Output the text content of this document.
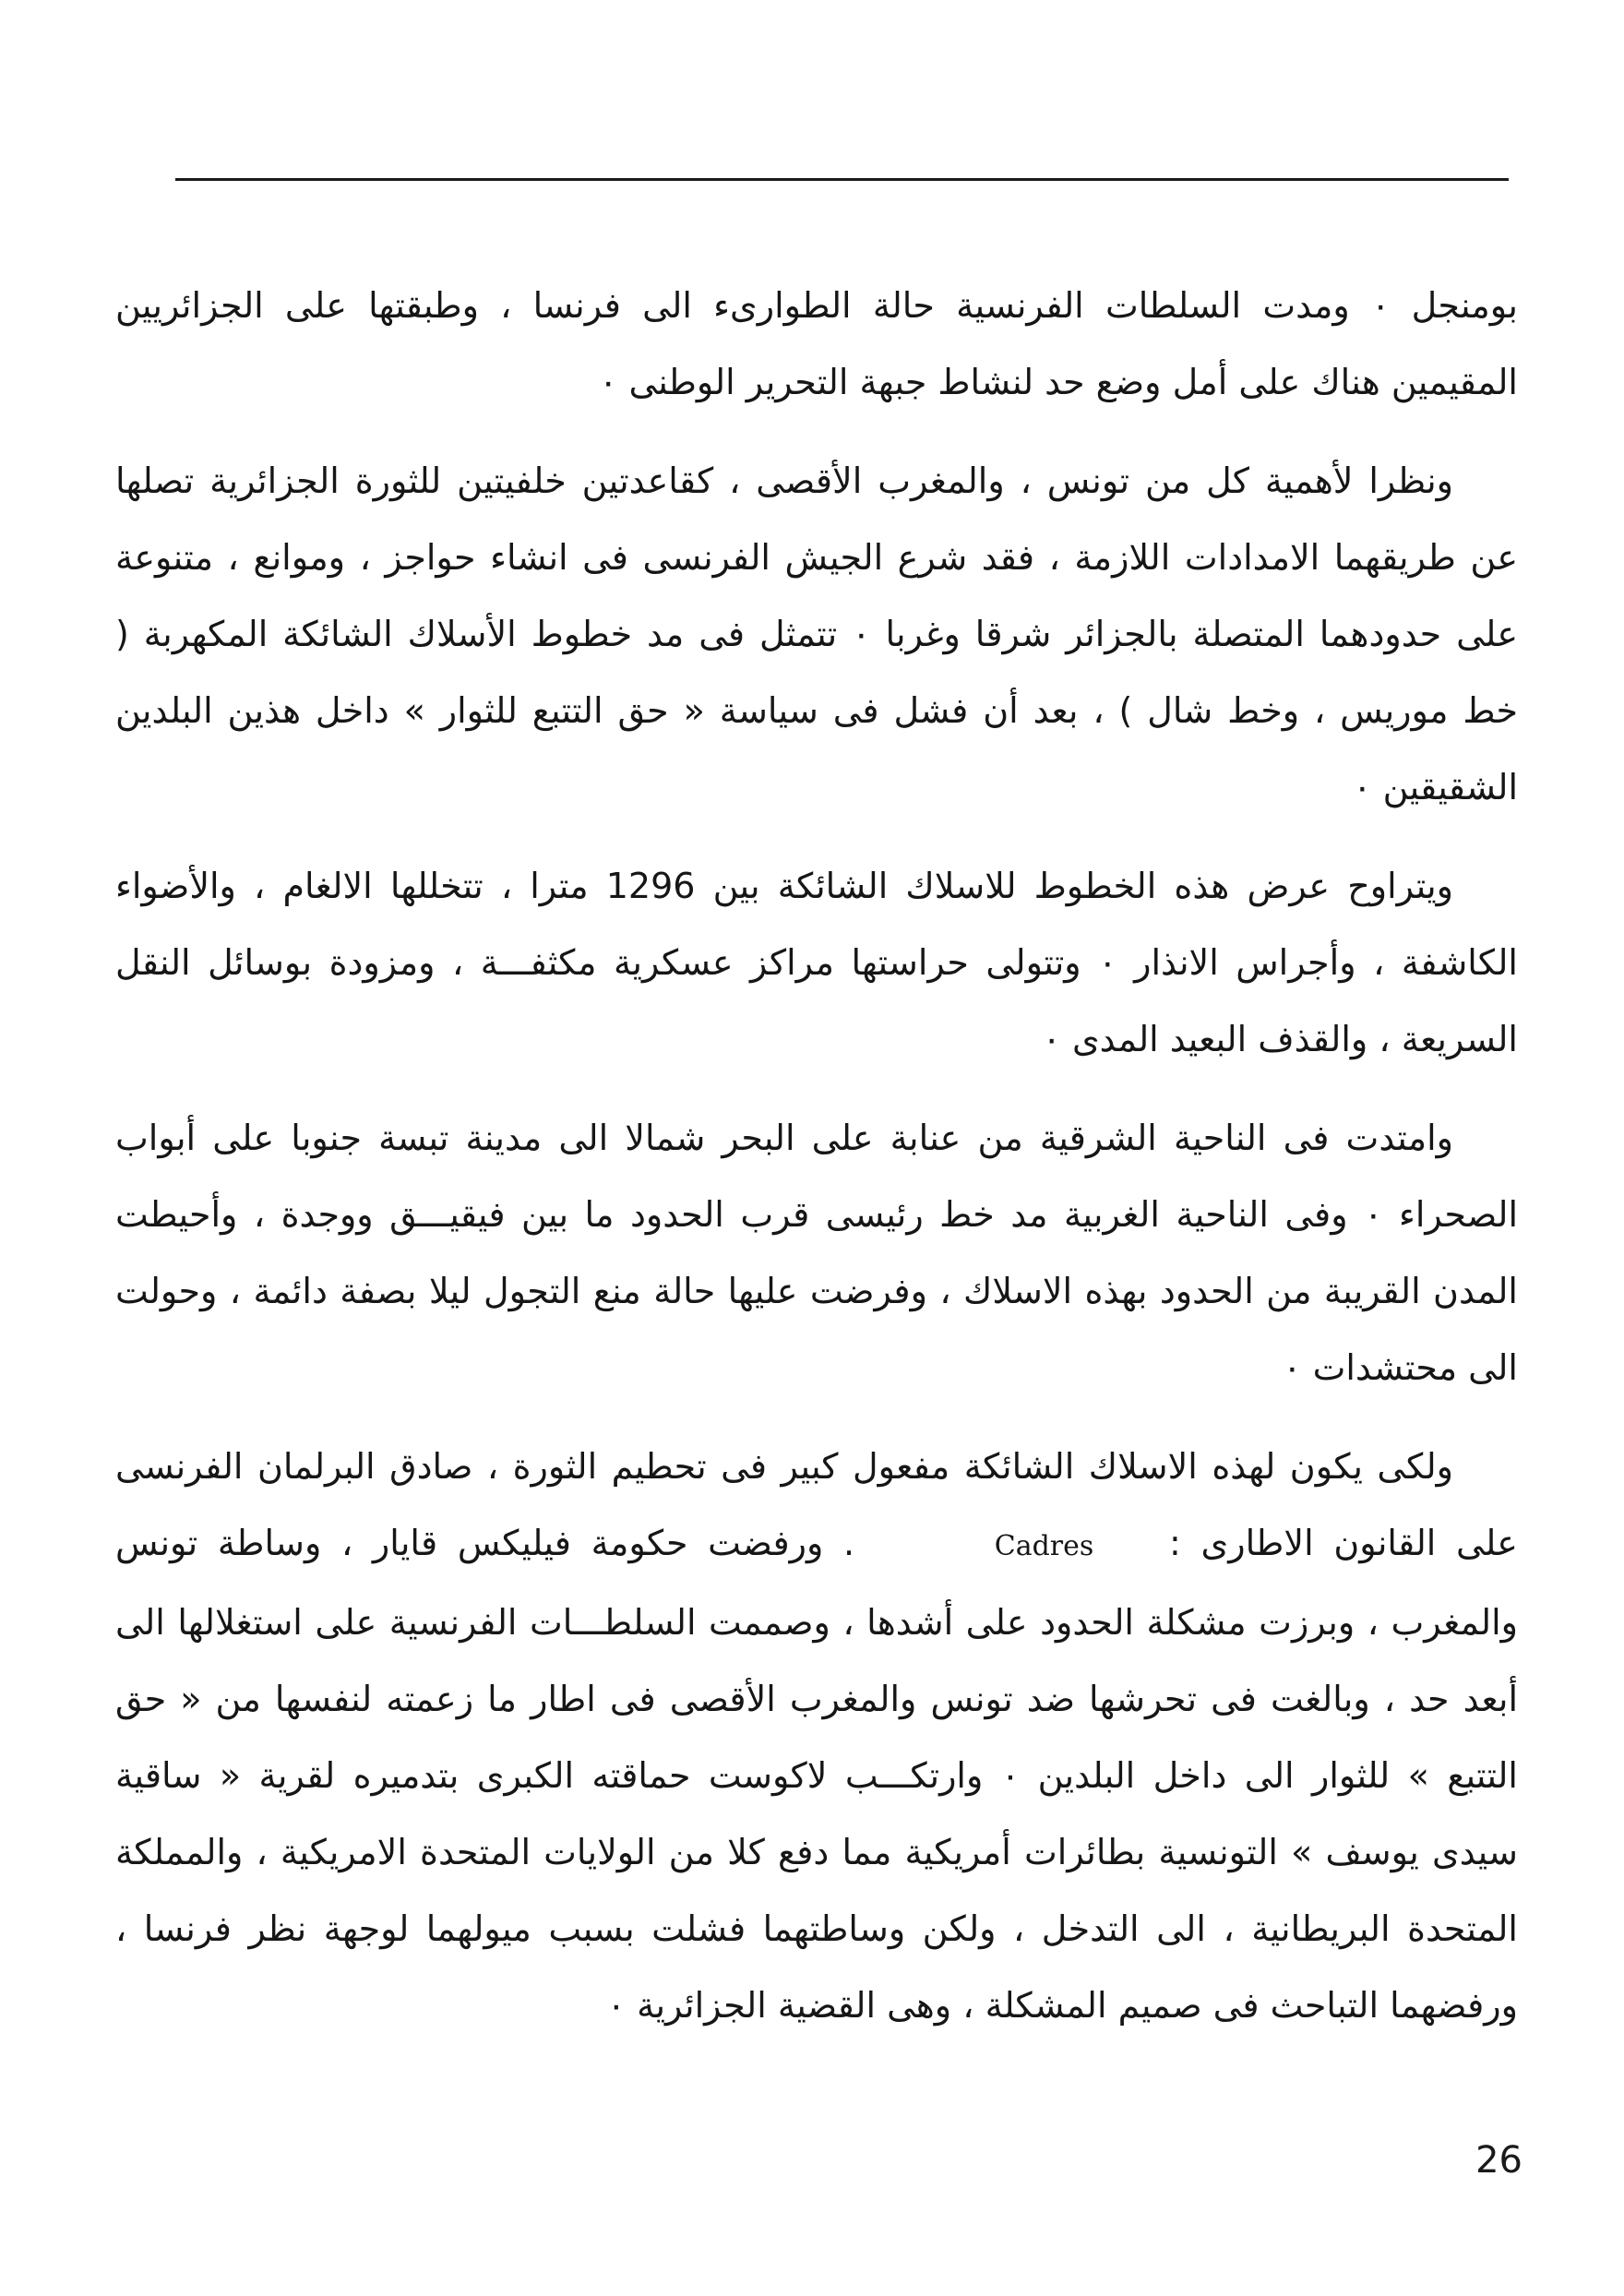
بومنجل ٠ ومدت السلطات الفرنسية حالة الطوارىء الى فرنسا ، وطبقتها على الجزائريين المقيمين هناك على أمل وضع حد لنشاط جبهة التحرير الوطنى ٠

ونظرا لأهمية كل من تونس ، والمغرب الأقصى ، كقاعدتين خلفيتين للثورة الجزائرية تصلها عن طريقهما الامدادات اللازمة ، فقد شرع الجيش الفرنسى فى انشاء حواجز ، وموانع ، متنوعة على حدودهما المتصلة بالجزائر شرقا وغربا ٠ تتمثل فى مد خطوط الأسلاك الشائكة المكهربة ( خط موريس ، وخط شال ) ، بعد أن فشل فى سياسة « حق التتبع للثوار » داخل هذين البلدين الشقيقين ٠

ويتراوح عرض هذه الخطوط للاسلاك الشائكة بين 1296 مترا ، تتخللها الالغام ، والأضواء الكاشفة ، وأجراس الانذار ٠ وتتولى حراستها مراكز عسكرية مكثفـــة ، ومزودة بوسائل النقل السريعة ، والقذف البعيد المدى ٠

وامتدت فى الناحية الشرقية من عنابة على البحر شمالا الى مدينة تبسة جنوبا على أبواب الصحراء ٠ وفى الناحية الغربية مد خط رئيسى قرب الحدود ما بين فيقيـــق ووجدة ، وأحيطت المدن القريبة من الحدود بهذه الاسلاك ، وفرضت عليها حالة منع التجول ليلا بصفة دائمة ، وحولت الى محتشدات ٠

ولكى يكون لهذه الاسلاك الشائكة مفعول كبير فى تحطيم الثورة ، صادق البرلمان الفرنسى على القانون الاطارى : Cadres . ورفضت حكومة فيليكس قايار ، وساطة تونس والمغرب ، وبرزت مشكلة الحدود على أشدها ، وصممت السلطـــات الفرنسية على استغلالها الى أبعد حد ، وبالغت فى تحرشها ضد تونس والمغرب الأقصى فى اطار ما زعمته لنفسها من « حق التتبع » للثوار الى داخل البلدين ٠ وارتكـــب لاكوست حماقته الكبرى بتدميره لقرية « ساقية سيدى يوسف » التونسية بطائرات أمريكية مما دفع كلا من الولايات المتحدة الامريكية ، والمملكة المتحدة البريطانية ، الى التدخل ، ولكن وساطتهما فشلت بسبب ميولهما لوجهة نظر فرنسا ، ورفضهما التباحث فى صميم المشكلة ، وهى القضية الجزائرية ٠

26
